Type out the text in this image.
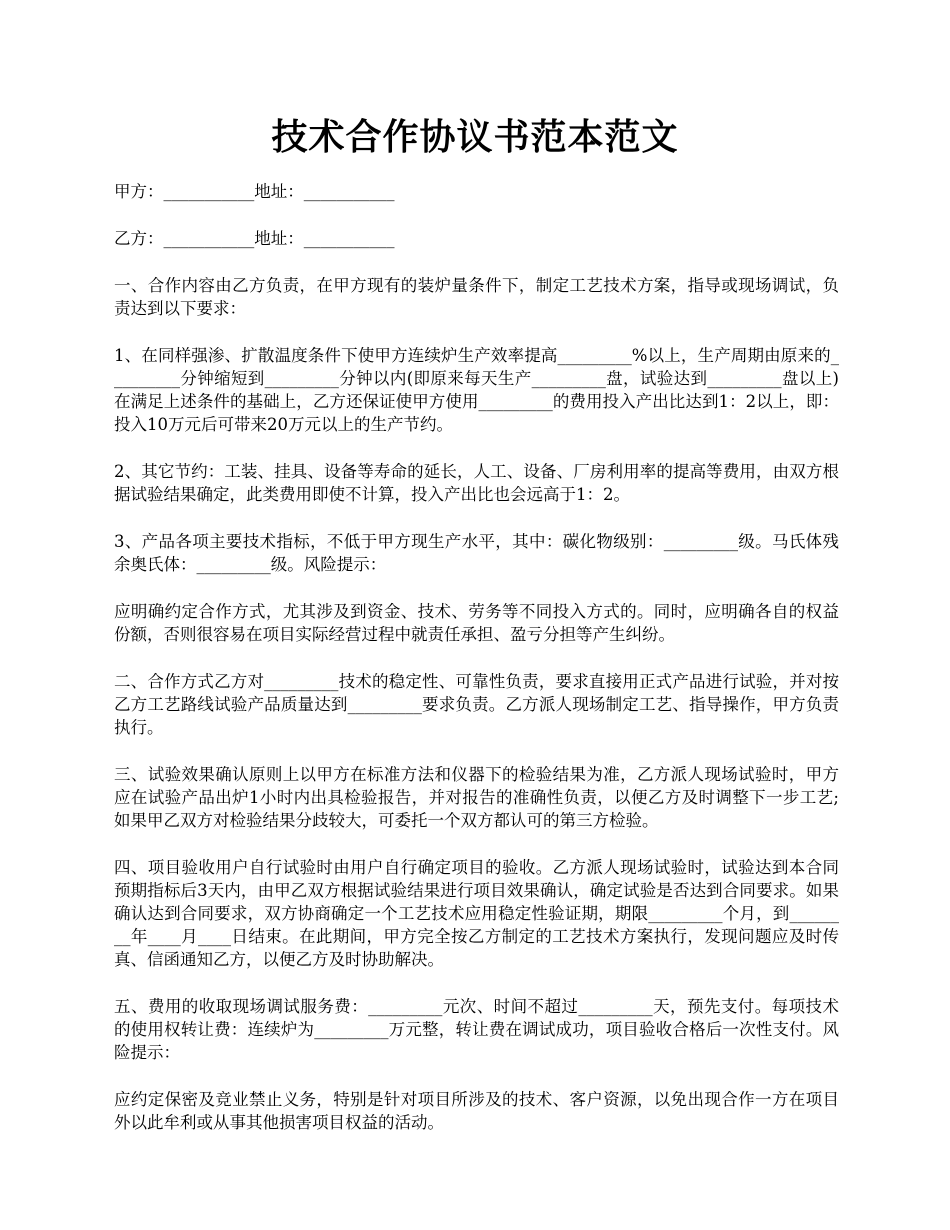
技术合作协议书范本范文

甲方：___________地址：___________

乙方：___________地址：___________

一、合作内容由乙方负责，在甲方现有的装炉量条件下，制定工艺技术方案，指导或现场调试，负责达到以下要求：

1、在同样强渗、扩散温度条件下使甲方连续炉生产效率提高_________%以上，生产周期由原来的_________分钟缩短到_________分钟以内(即原来每天生产_________盘，试验达到_________盘以上)在满足上述条件的基础上，乙方还保证使甲方使用_________的费用投入产出比达到1：2以上，即：投入10万元后可带来20万元以上的生产节约。

2、其它节约：工装、挂具、设备等寿命的延长，人工、设备、厂房利用率的提高等费用，由双方根据试验结果确定，此类费用即使不计算，投入产出比也会远高于1：2。

3、产品各项主要技术指标，不低于甲方现生产水平，其中：碳化物级别：_________级。马氏体残余奥氏体：_________级。风险提示：

应明确约定合作方式，尤其涉及到资金、技术、劳务等不同投入方式的。同时，应明确各自的权益份额，否则很容易在项目实际经营过程中就责任承担、盈亏分担等产生纠纷。

二、合作方式乙方对_________技术的稳定性、可靠性负责，要求直接用正式产品进行试验，并对按乙方工艺路线试验产品质量达到_________要求负责。乙方派人现场制定工艺、指导操作，甲方负责执行。

三、试验效果确认原则上以甲方在标准方法和仪器下的检验结果为准，乙方派人现场试验时，甲方应在试验产品出炉1小时内出具检验报告，并对报告的准确性负责，以便乙方及时调整下一步工艺;如果甲乙双方对检验结果分歧较大，可委托一个双方都认可的第三方检验。

四、项目验收用户自行试验时由用户自行确定项目的验收。乙方派人现场试验时，试验达到本合同预期指标后3天内，由甲乙双方根据试验结果进行项目效果确认，确定试验是否达到合同要求。如果确认达到合同要求，双方协商确定一个工艺技术应用稳定性验证期，期限_________个月，到________年____月____日结束。在此期间，甲方完全按乙方制定的工艺技术方案执行，发现问题应及时传真、信函通知乙方，以便乙方及时协助解决。

五、费用的收取现场调试服务费：_________元次、时间不超过_________天，预先支付。每项技术的使用权转让费：连续炉为_________万元整，转让费在调试成功，项目验收合格后一次性支付。风险提示：

应约定保密及竞业禁止义务，特别是针对项目所涉及的技术、客户资源，以免出现合作一方在项目外以此牟利或从事其他损害项目权益的活动。
